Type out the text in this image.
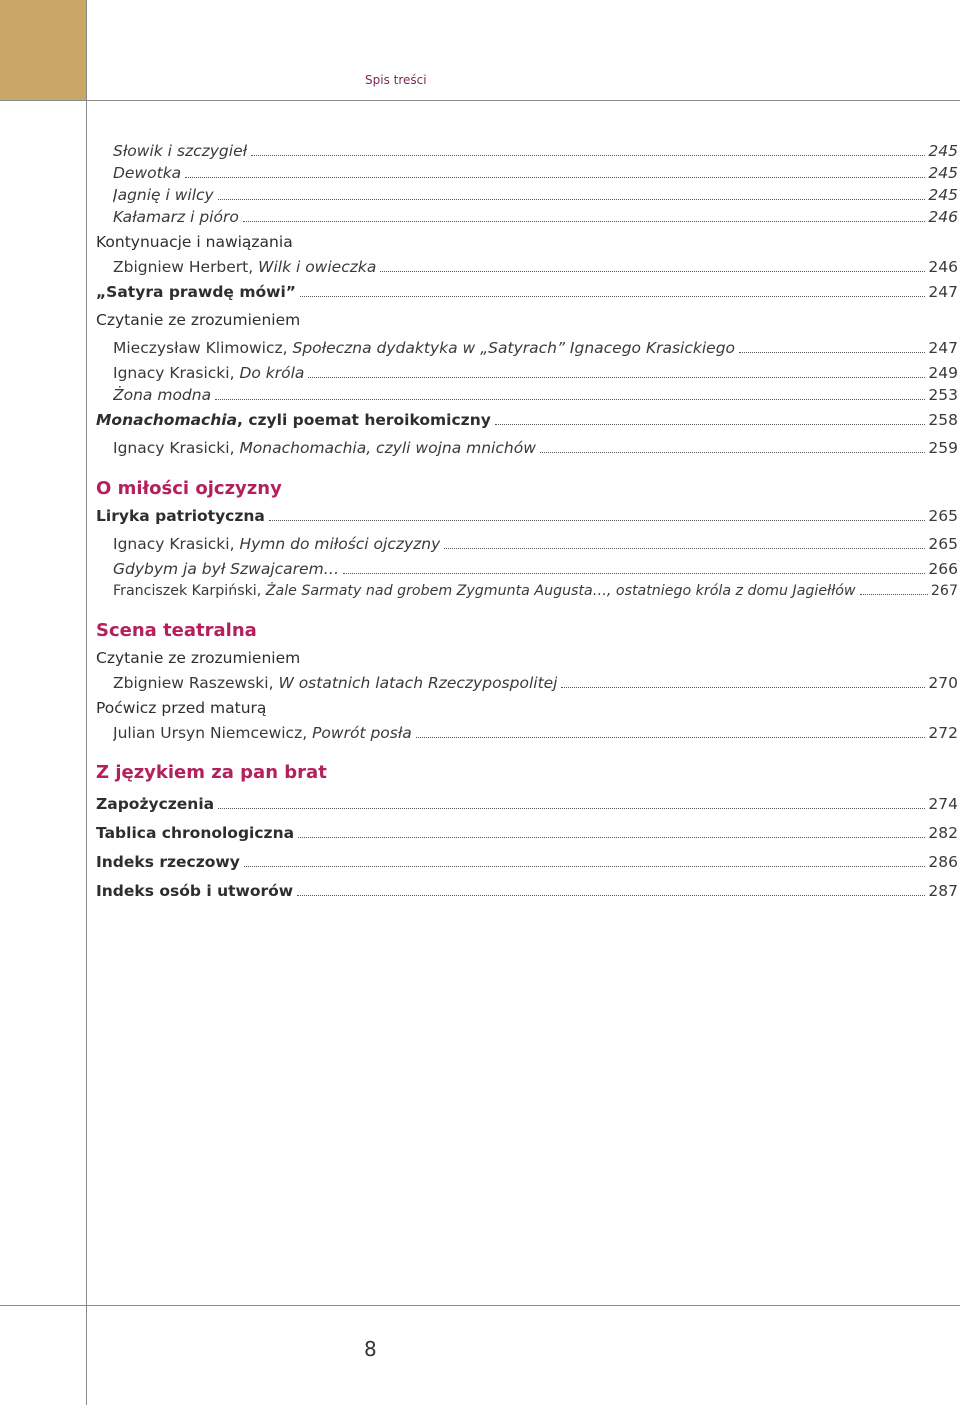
Spis treści
Słowik i szczygieł	245
Dewotka	245
Jagnię i wilcy	245
Kałamarz i pióro	246
Kontynuacje i nawiązania
Zbigniew Herbert, Wilk i owieczka	246
„Satyra prawdę mówi”	247
Czytanie ze zrozumieniem
Mieczysław Klimowicz, Społeczna dydaktyka w „Satyrach” Ignacego Krasickiego	247
Ignacy Krasicki, Do króla	249
Żona modna	253
Monachomachia, czyli poemat heroikomiczny	258
Ignacy Krasicki, Monachomachia, czyli wojna mnichów	259
O miłości ojczyzny
Liryka patriotyczna	265
Ignacy Krasicki, Hymn do miłości ojczyzny	265
Gdybym ja był Szwajcarem…	266
Franciszek Karpiński, Żale Sarmaty nad grobem Zygmunta Augusta…, ostatniego króla z domu Jagiełłów	267
Scena teatralna
Czytanie ze zrozumieniem
Zbigniew Raszewski, W ostatnich latach Rzeczypospolitej	270
Poćwicz przed maturą
Julian Ursyn Niemcewicz, Powrót posła	272
Z językiem za pan brat
Zapożyczenia	274
Tablica chronologiczna	282
Indeks rzeczowy	286
Indeks osób i utworów	287
8
